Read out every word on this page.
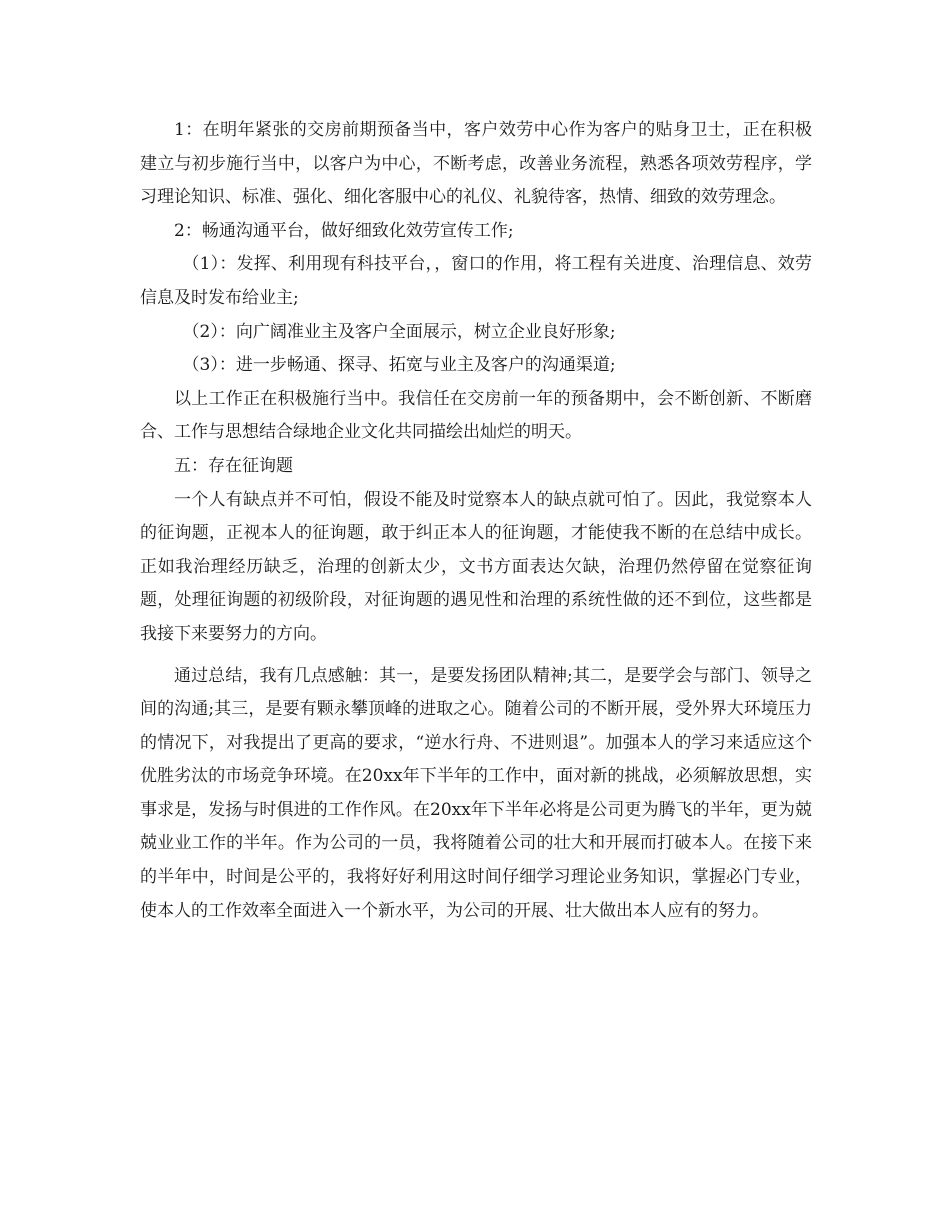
1：在明年紧张的交房前期预备当中，客户效劳中心作为客户的贴身卫士，正在积极建立与初步施行当中，以客户为中心，不断考虑，改善业务流程，熟悉各项效劳程序，学习理论知识、标准、强化、细化客服中心的礼仪、礼貌待客，热情、细致的效劳理念。

2：畅通沟通平台，做好细致化效劳宣传工作;

（1）：发挥、利用现有科技平台，，窗口的作用，将工程有关进度、治理信息、效劳信息及时发布给业主;

（2）：向广阔准业主及客户全面展示，树立企业良好形象;

（3）：进一步畅通、探寻、拓宽与业主及客户的沟通渠道;

以上工作正在积极施行当中。我信任在交房前一年的预备期中，会不断创新、不断磨合、工作与思想结合绿地企业文化共同描绘出灿烂的明天。

五：存在征询题

一个人有缺点并不可怕，假设不能及时觉察本人的缺点就可怕了。因此，我觉察本人的征询题，正视本人的征询题，敢于纠正本人的征询题，才能使我不断的在总结中成长。正如我治理经历缺乏，治理的创新太少，文书方面表达欠缺，治理仍然停留在觉察征询题，处理征询题的初级阶段，对征询题的遇见性和治理的系统性做的还不到位，这些都是我接下来要努力的方向。

通过总结，我有几点感触：其一，是要发扬团队精神;其二，是要学会与部门、领导之间的沟通;其三，是要有颗永攀顶峰的进取之心。随着公司的不断开展，受外界大环境压力的情况下，对我提出了更高的要求，“逆水行舟、不进则退”。加强本人的学习来适应这个优胜劣汰的市场竞争环境。在20xx年下半年的工作中，面对新的挑战，必须解放思想，实事求是，发扬与时俱进的工作作风。在20xx年下半年必将是公司更为腾飞的半年，更为兢兢业业工作的半年。作为公司的一员，我将随着公司的壮大和开展而打破本人。在接下来的半年中，时间是公平的，我将好好利用这时间仔细学习理论业务知识，掌握必门专业，使本人的工作效率全面进入一个新水平，为公司的开展、壮大做出本人应有的努力。
